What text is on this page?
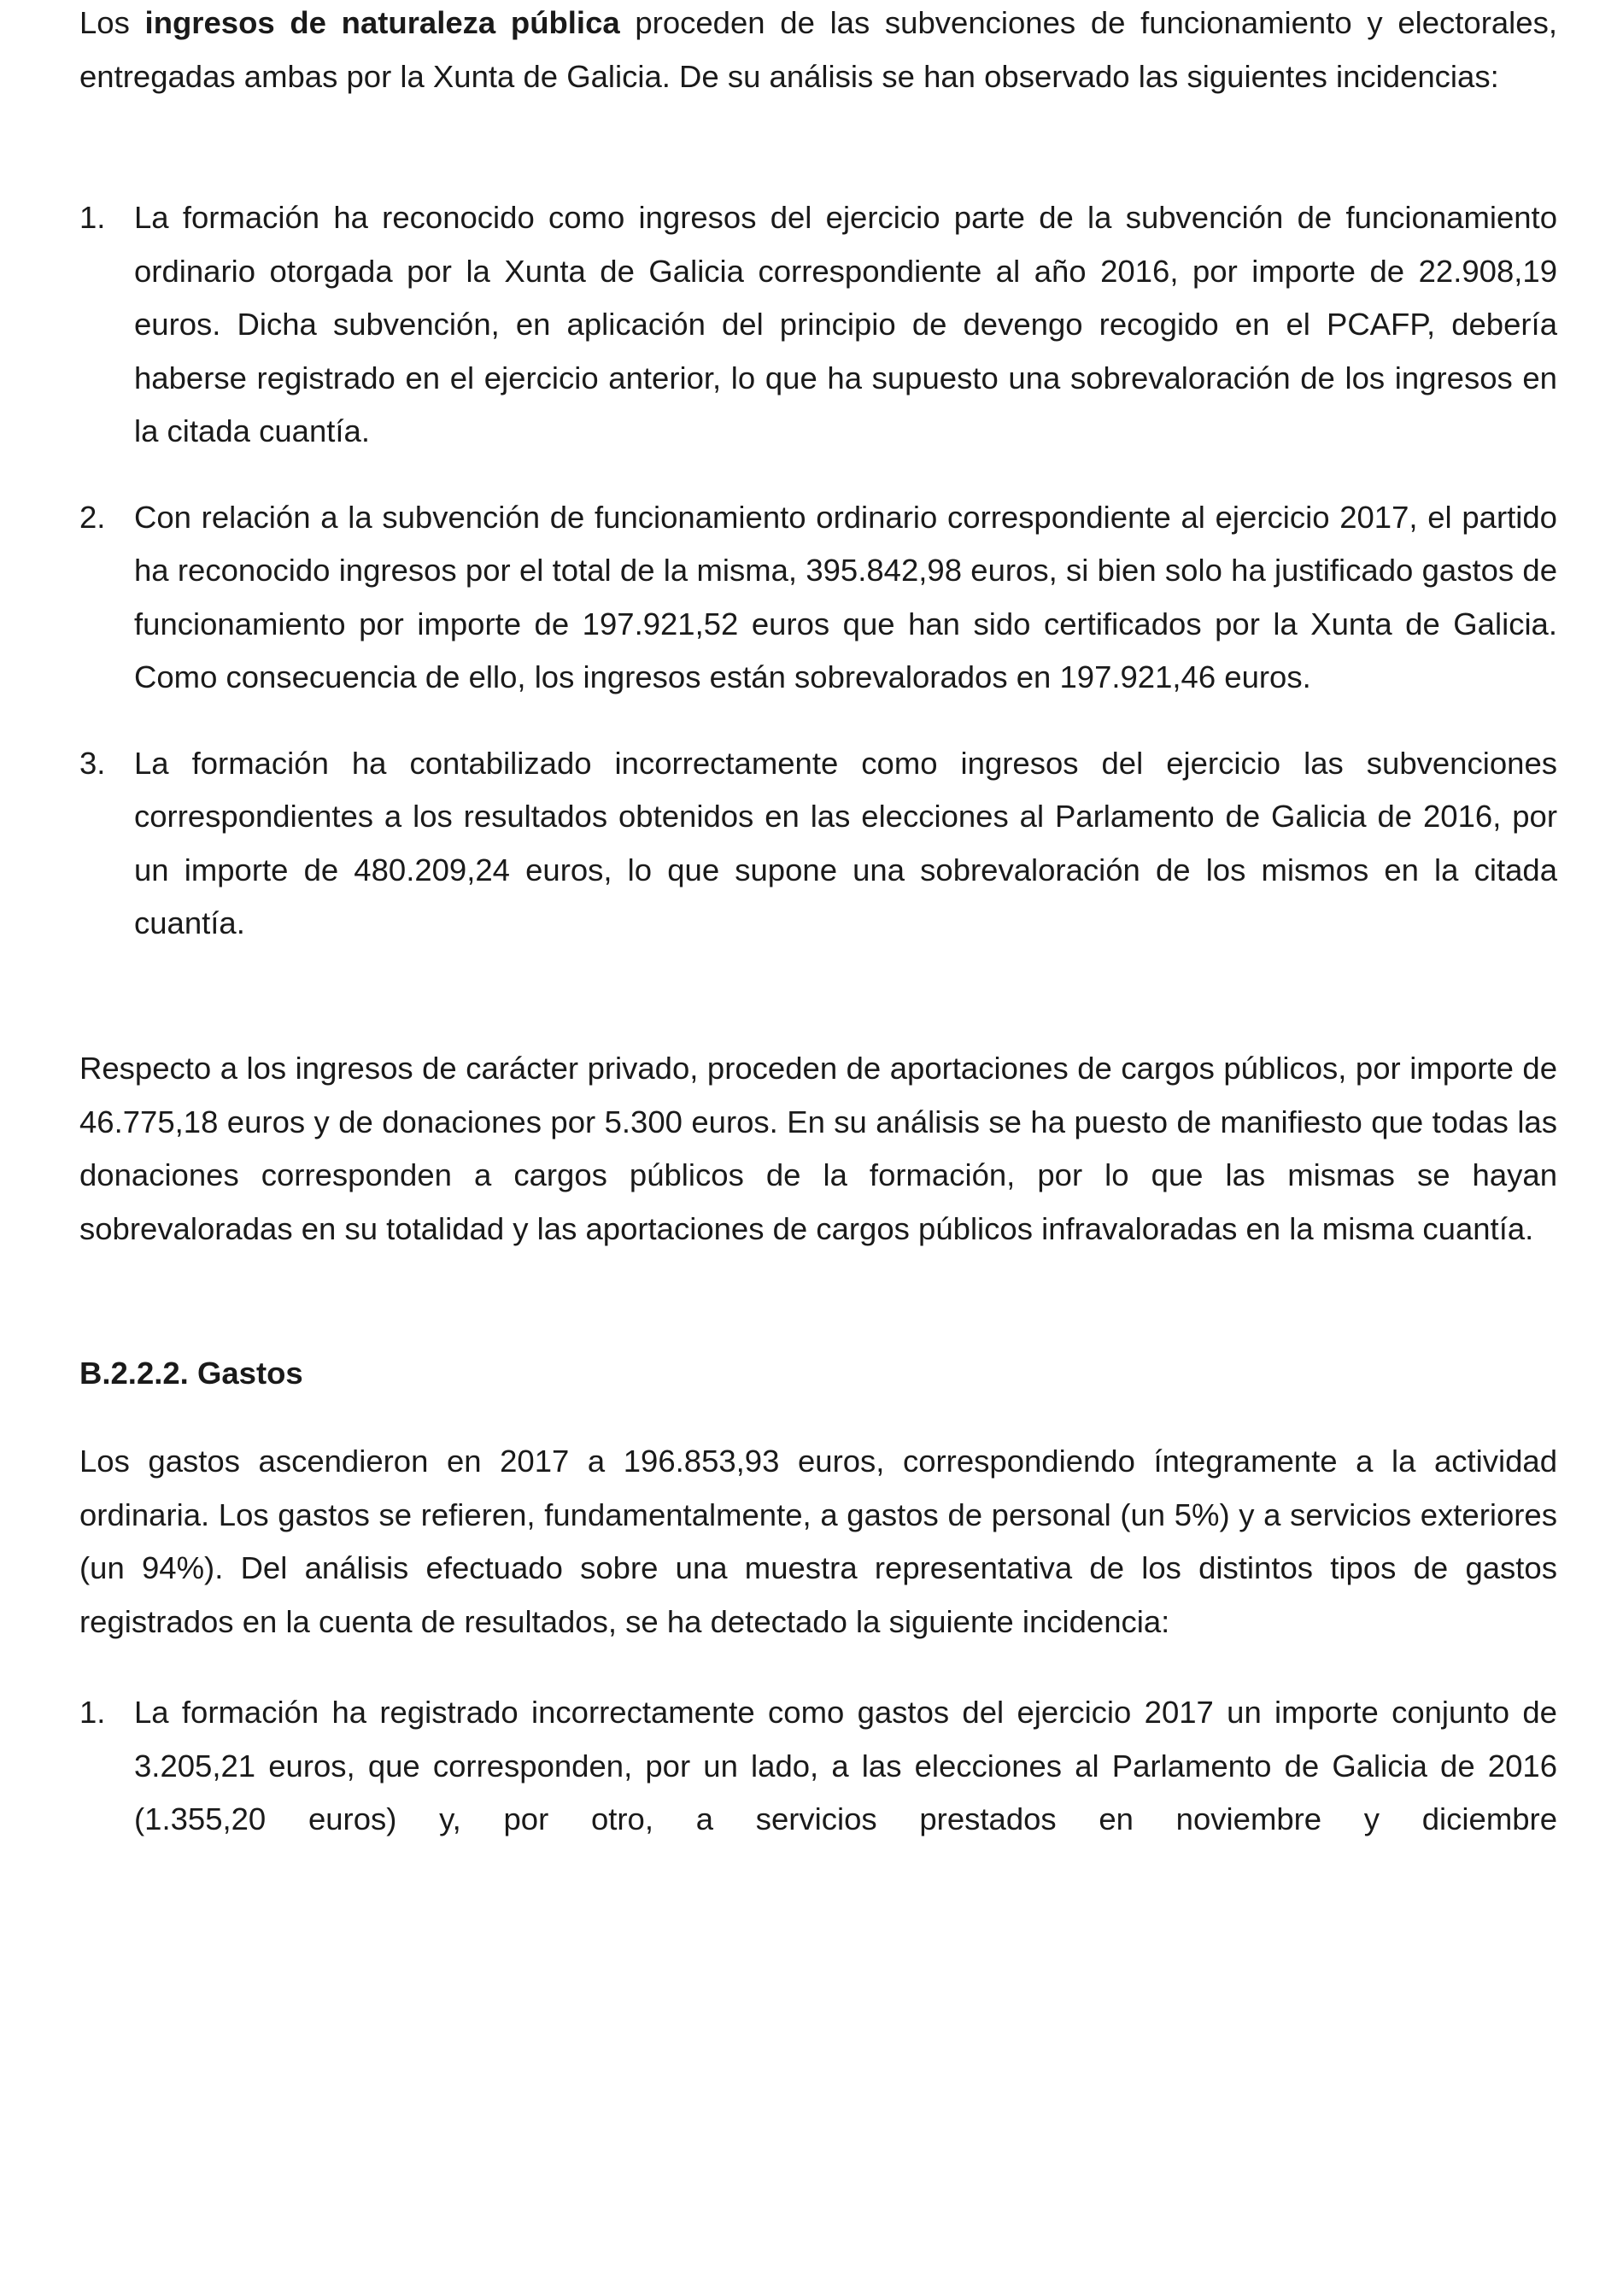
Los ingresos de naturaleza pública proceden de las subvenciones de funcionamiento y electorales, entregadas ambas por la Xunta de Galicia. De su análisis se han observado las siguientes incidencias:

1. La formación ha reconocido como ingresos del ejercicio parte de la subvención de funcionamiento ordinario otorgada por la Xunta de Galicia correspondiente al año 2016, por importe de 22.908,19 euros. Dicha subvención, en aplicación del principio de devengo recogido en el PCAFP, debería haberse registrado en el ejercicio anterior, lo que ha supuesto una sobrevaloración de los ingresos en la citada cuantía.

2. Con relación a la subvención de funcionamiento ordinario correspondiente al ejercicio 2017, el partido ha reconocido ingresos por el total de la misma, 395.842,98 euros, si bien solo ha justificado gastos de funcionamiento por importe de 197.921,52 euros que han sido certificados por la Xunta de Galicia. Como consecuencia de ello, los ingresos están sobrevalorados en 197.921,46 euros.

3. La formación ha contabilizado incorrectamente como ingresos del ejercicio las subvenciones correspondientes a los resultados obtenidos en las elecciones al Parlamento de Galicia de 2016, por un importe de 480.209,24 euros, lo que supone una sobrevaloración de los mismos en la citada cuantía.

Respecto a los ingresos de carácter privado, proceden de aportaciones de cargos públicos, por importe de 46.775,18 euros y de donaciones por 5.300 euros. En su análisis se ha puesto de manifiesto que todas las donaciones corresponden a cargos públicos de la formación, por lo que las mismas se hayan sobrevaloradas en su totalidad y las aportaciones de cargos públicos infravaloradas en la misma cuantía.

B.2.2.2. Gastos

Los gastos ascendieron en 2017 a 196.853,93 euros, correspondiendo íntegramente a la actividad ordinaria. Los gastos se refieren, fundamentalmente, a gastos de personal (un 5%) y a servicios exteriores (un 94%). Del análisis efectuado sobre una muestra representativa de los distintos tipos de gastos registrados en la cuenta de resultados, se ha detectado la siguiente incidencia:

1. La formación ha registrado incorrectamente como gastos del ejercicio 2017 un importe conjunto de 3.205,21 euros, que corresponden, por un lado, a las elecciones al Parlamento de Galicia de 2016 (1.355,20 euros) y, por otro, a servicios prestados en noviembre y diciembre
